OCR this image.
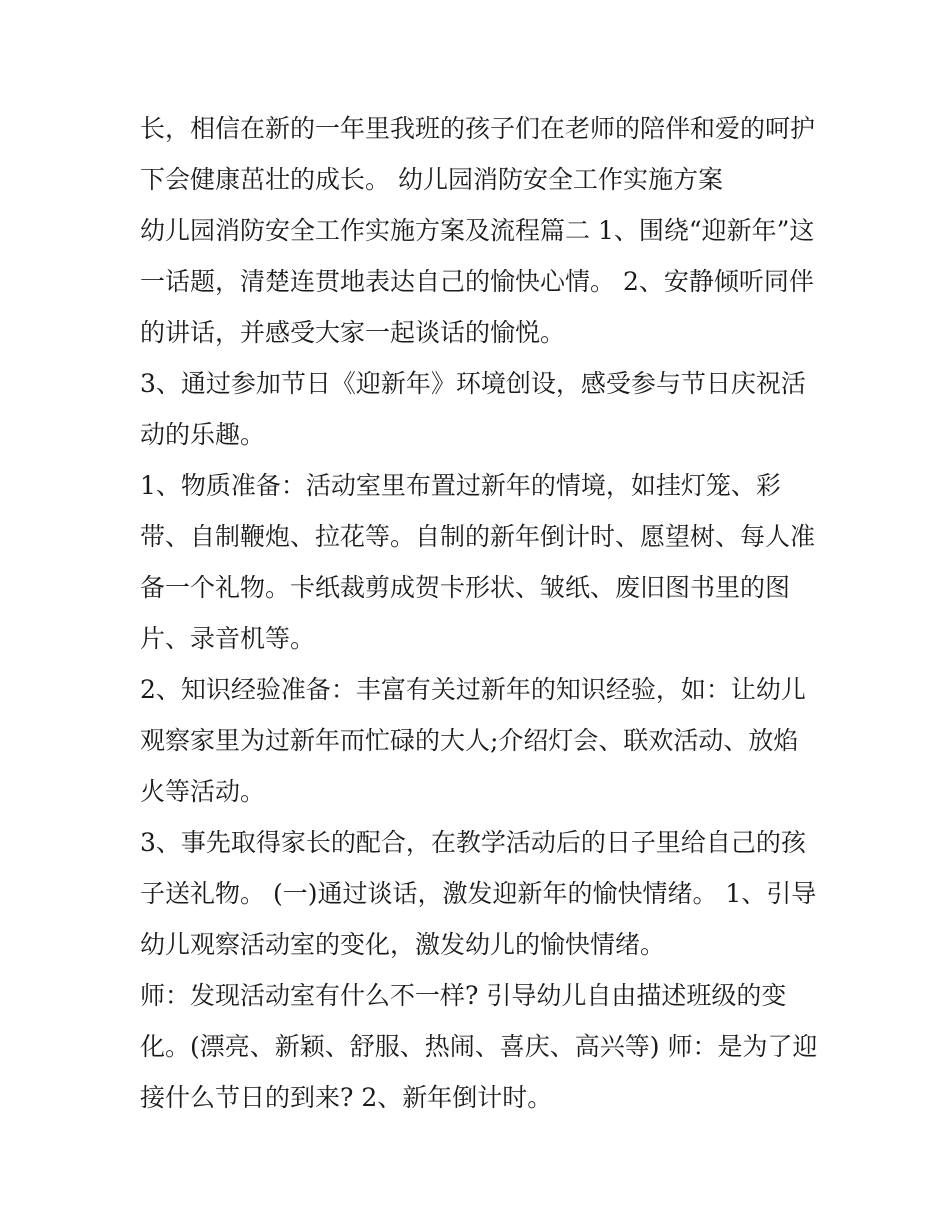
长，相信在新的一年里我班的孩子们在老师的陪伴和爱的呵护
下会健康茁壮的成长。 幼儿园消防安全工作实施方案
幼儿园消防安全工作实施方案及流程篇二 1、围绕“迎新年”这
一话题，清楚连贯地表达自己的愉快心情。 2、安静倾听同伴
的讲话，并感受大家一起谈话的愉悦。
3、通过参加节日《迎新年》环境创设，感受参与节日庆祝活
动的乐趣。
1、物质准备：活动室里布置过新年的情境，如挂灯笼、彩
带、自制鞭炮、拉花等。自制的新年倒计时、愿望树、每人准
备一个礼物。卡纸裁剪成贺卡形状、皱纸、废旧图书里的图
片、录音机等。
2、知识经验准备：丰富有关过新年的知识经验，如：让幼儿
观察家里为过新年而忙碌的大人;介绍灯会、联欢活动、放焰
火等活动。
3、事先取得家长的配合，在教学活动后的日子里给自己的孩
子送礼物。 (一)通过谈话，激发迎新年的愉快情绪。 1、引导
幼儿观察活动室的变化，激发幼儿的愉快情绪。
师：发现活动室有什么不一样? 引导幼儿自由描述班级的变
化。(漂亮、新颖、舒服、热闹、喜庆、高兴等) 师：是为了迎
接什么节日的到来? 2、新年倒计时。
